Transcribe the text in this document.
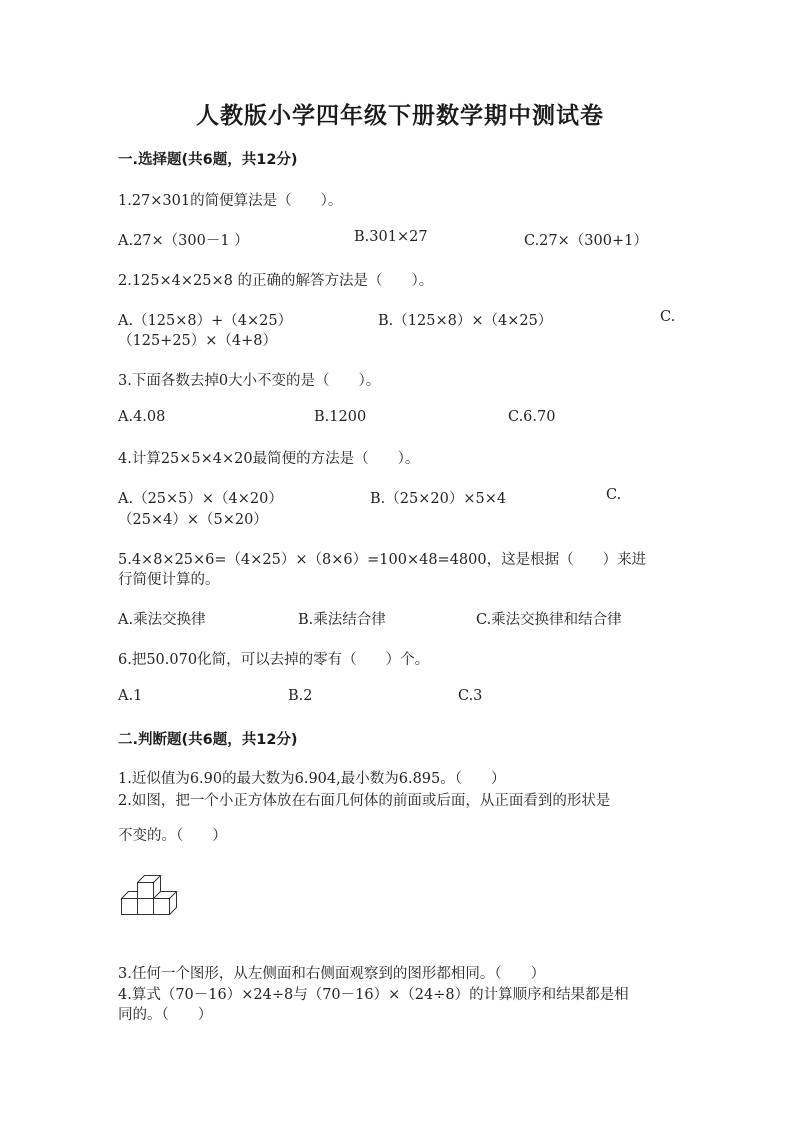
人教版小学四年级下册数学期中测试卷
一.选择题(共6题，共12分)
1.27×301的简便算法是（　　）。
A.27×（300－1 ）	B.301×27	C.27×（300+1）
2.125×4×25×8 的正确的解答方法是（　　）。
A.（125×8）+（4×25）	B.（125×8）×（4×25）	C.
（125+25）×（4+8）
3.下面各数去掉0大小不变的是（　　）。
A.4.08	B.1200	C.6.70
4.计算25×5×4×20最简便的方法是（　　）。
A.（25×5）×（4×20）	B.（25×20）×5×4	C.
（25×4）×（5×20）
5.4×8×25×6=（4×25）×（8×6）=100×48=4800，这是根据（　　）来进
行简便计算的。
A.乘法交换律	B.乘法结合律	C.乘法交换律和结合律
6.把50.070化简，可以去掉的零有（　　）个。
A.1	B.2	C.3
二.判断题(共6题，共12分)
1.近似值为6.90的最大数为6.904,最小数为6.895。（　　）
2.如图，把一个小正方体放在右面几何体的前面或后面，从正面看到的形状是
不变的。（　　）
3.任何一个图形，从左侧面和右侧面观察到的图形都相同。（　　）
4.算式（70－16）×24÷8与（70－16）×（24÷8）的计算顺序和结果都是相
同的。（　　）
